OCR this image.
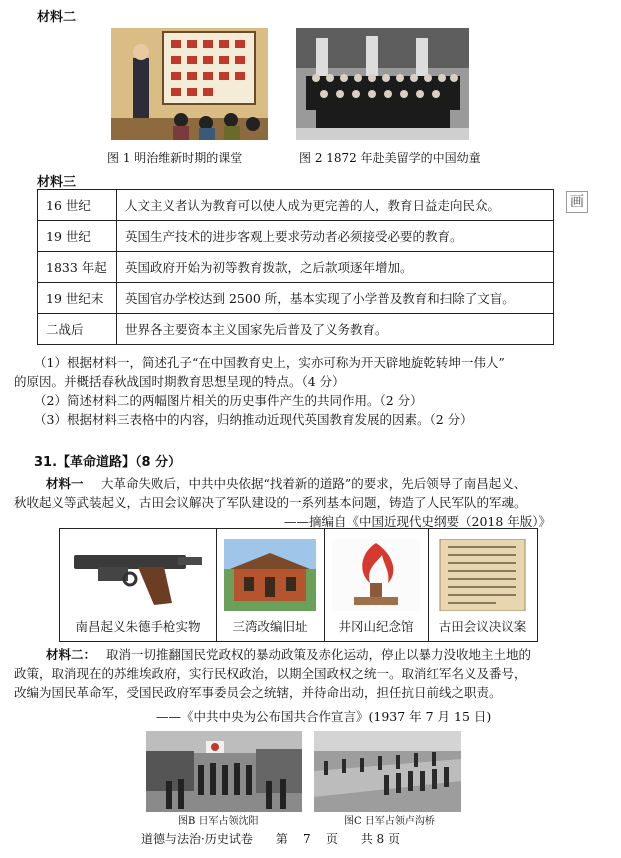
材料二
图 1 明治维新时期的课堂	图 2 1872 年赴美留学的中国幼童
材料三
16 世纪	人文主义者认为教育可以使人成为更完善的人，教育日益走向民众。
19 世纪	英国生产技术的进步客观上要求劳动者必须接受必要的教育。
1833 年起	英国政府开始为初等教育拨款，之后款项逐年增加。
19 世纪末	英国官办学校达到 2500 所，基本实现了小学普及教育和扫除了文盲。
二战后	世界各主要资本主义国家先后普及了义务教育。
画
（1）根据材料一，简述孔子“在中国教育史上，实亦可称为开天辟地旋乾转坤一伟人”
的原因。并概括春秋战国时期教育思想呈现的特点。（4 分）
（2）简述材料二的两幅图片相关的历史事件产生的共同作用。（2 分）
（3）根据材料三表格中的内容，归纳推动近现代英国教育发展的因素。（2 分）
31.【革命道路】（8 分）
材料一 大革命失败后，中共中央依据“找着新的道路”的要求，先后领导了南昌起义、
秋收起义等武装起义，古田会议解决了军队建设的一系列基本问题，铸造了人民军队的军魂。
——摘编自《中国近现代史纲要（2018 年版）》
南昌起义朱德手枪实物	三湾改编旧址	井冈山纪念馆	古田会议决议案
材料二： 取消一切推翻国民党政权的暴动政策及赤化运动，停止以暴力没收地主土地的
政策，取消现在的苏维埃政府，实行民权政治，以期全国政权之统一。取消红军名义及番号，
改编为国民革命军，受国民政府军事委员会之统辖，并待命出动，担任抗日前线之职责。
——《中共中央为公布国共合作宣言》(1937 年 7 月 15 日)
图B 日军占领沈阳	图C 日军占领卢沟桥
道德与法治·历史试卷      第    7    页      共 8 页
